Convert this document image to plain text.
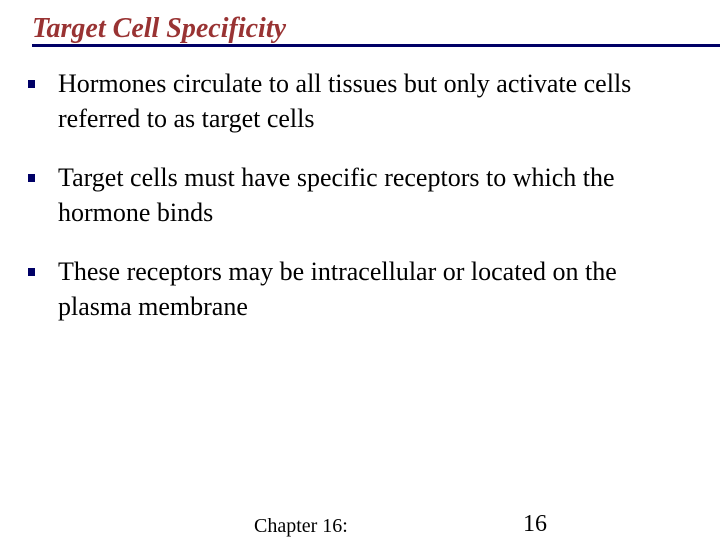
Target Cell Specificity
Hormones circulate to all tissues but only activate cells referred to as target cells
Target cells must have specific receptors to which the hormone binds
These receptors may be intracellular or located on the plasma membrane
Chapter 16:	16
